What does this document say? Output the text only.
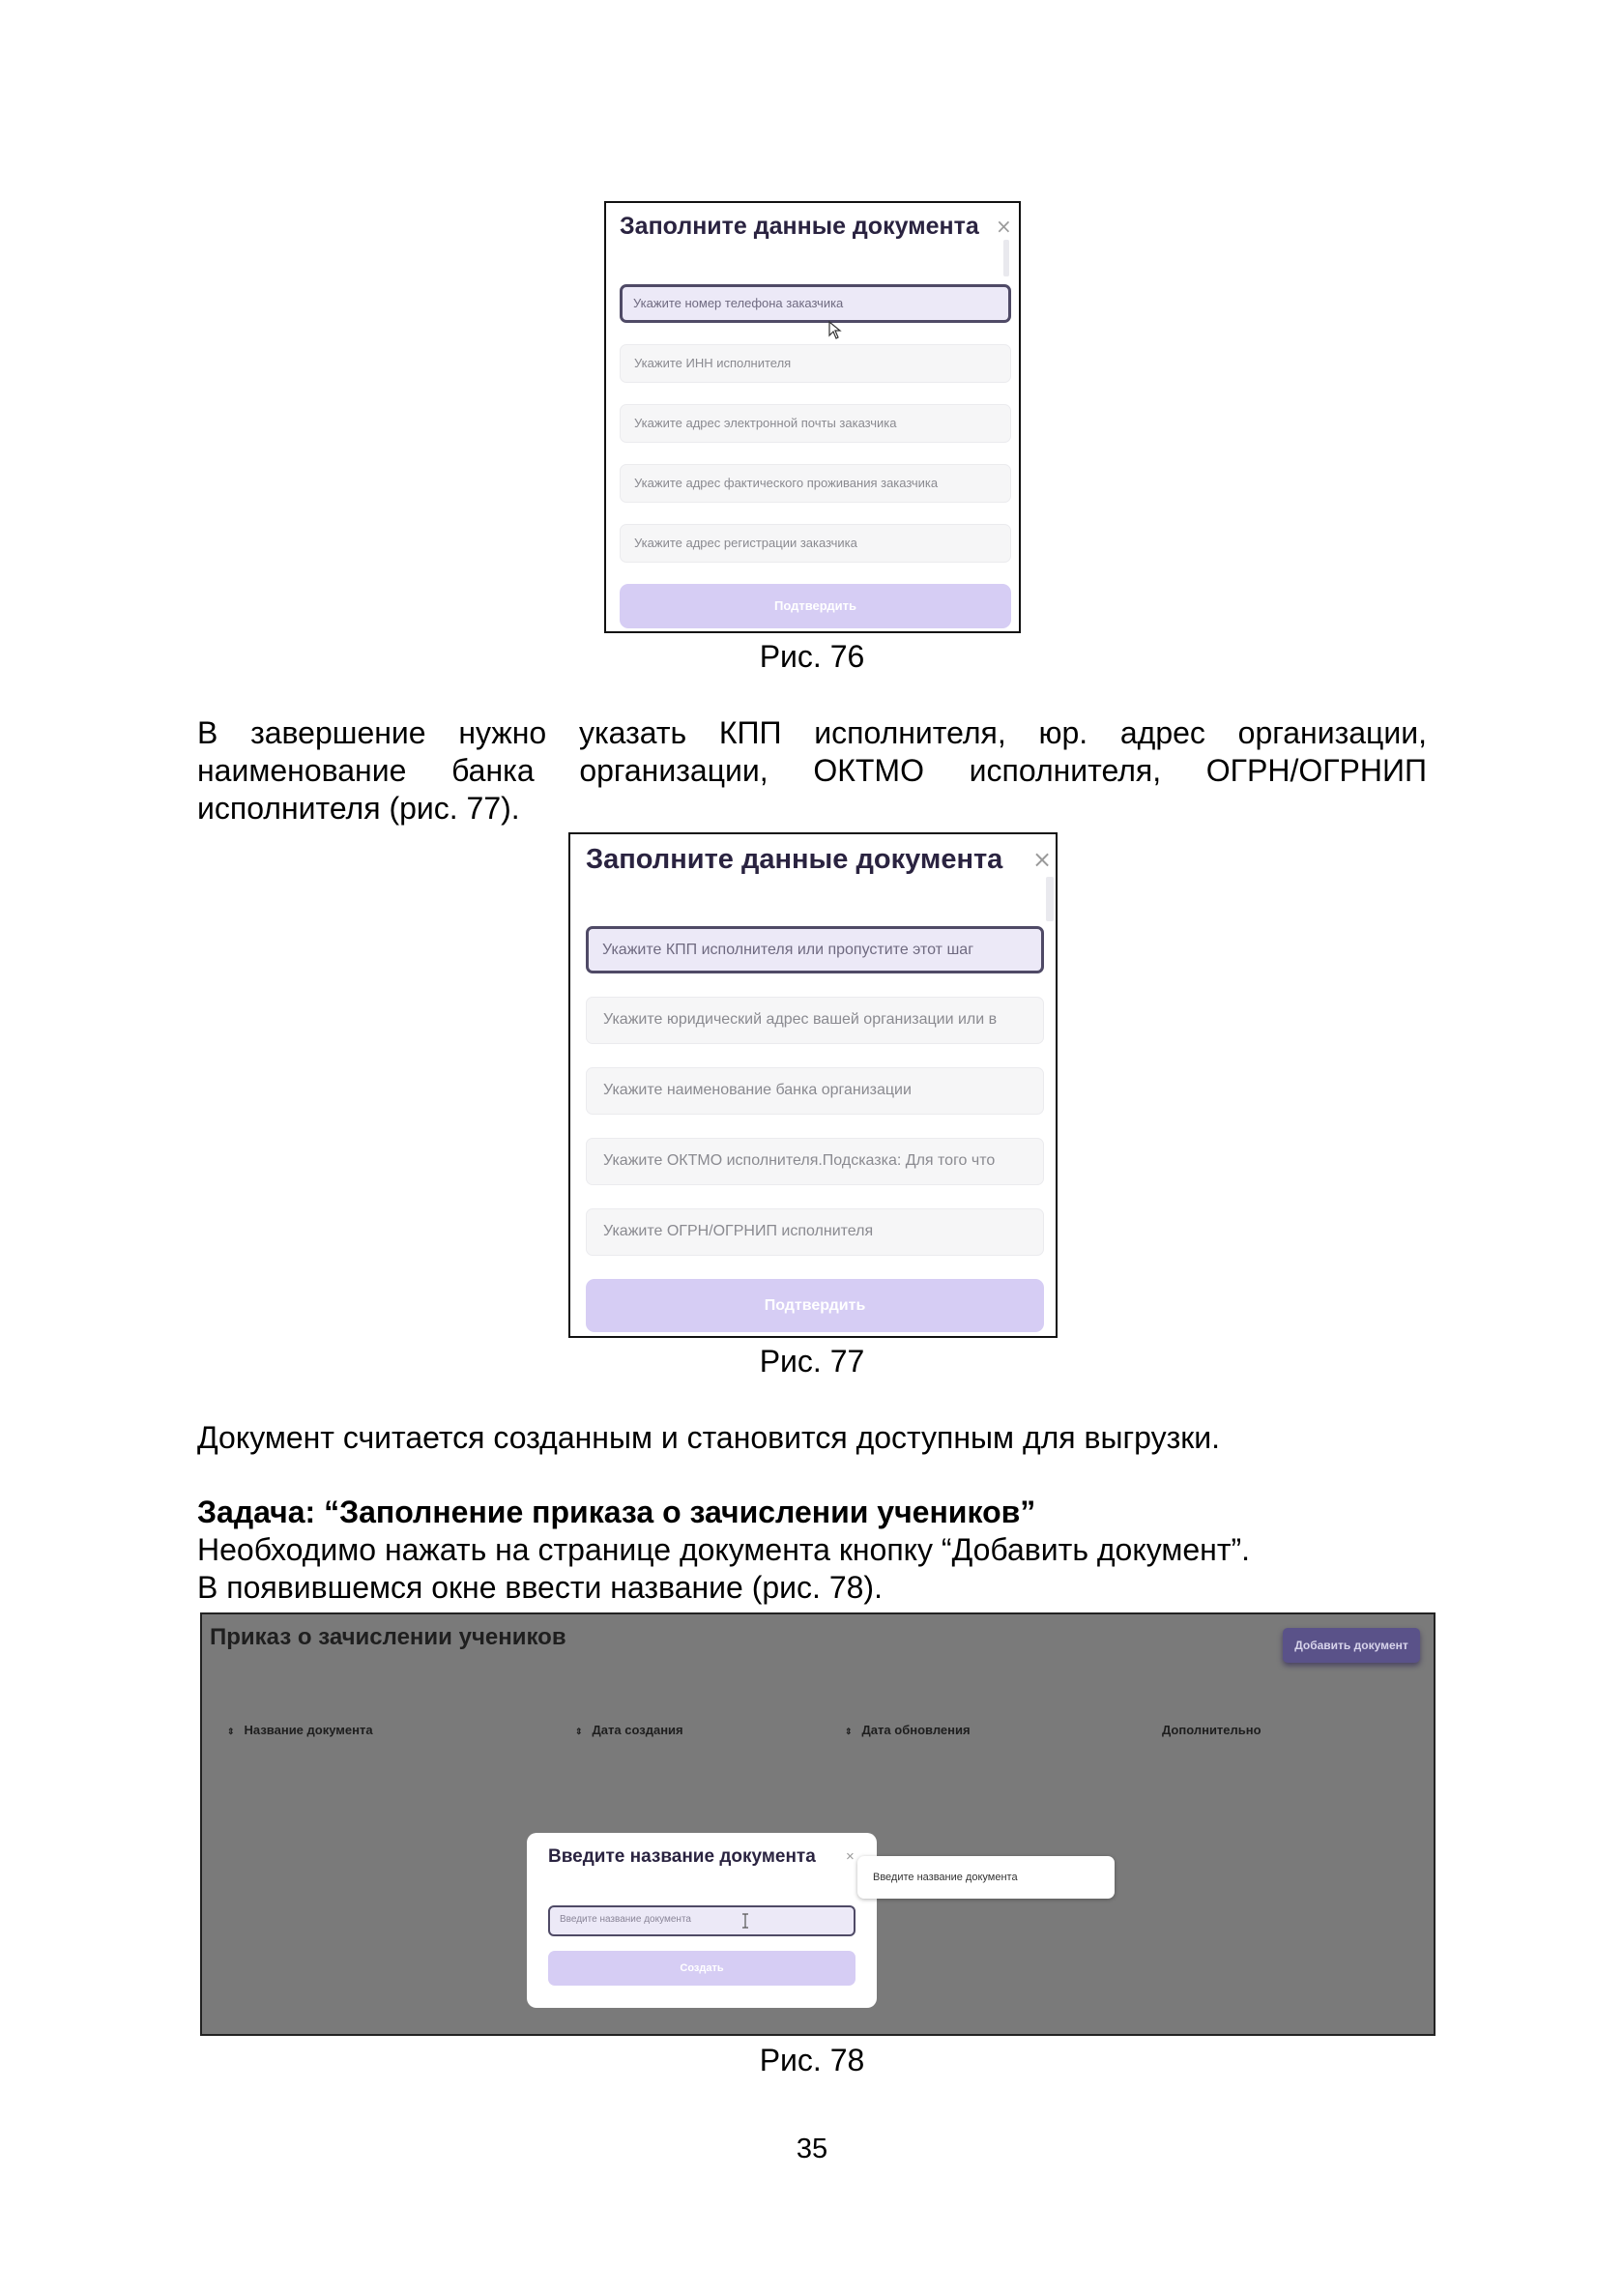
Заполните данные документа ×
Укажите номер телефона заказчика
Укажите ИНН исполнителя
Укажите адрес электронной почты заказчика
Укажите адрес фактического проживания заказчика
Укажите адрес регистрации заказчика
Подтвердить
Рис. 76
В завершение нужно указать КПП исполнителя, юр. адрес организации,
наименование банка организации, ОКТМО исполнителя, ОГРН/ОГРНИП
исполнителя (рис. 77).
Заполните данные документа ×
Укажите КПП исполнителя или пропустите этот шаг
Укажите юридический адрес вашей организации или в
Укажите наименование банка организации
Укажите ОКТМО исполнителя.Подсказка: Для того что
Укажите ОГРН/ОГРНИП исполнителя
Подтвердить
Рис. 77
Документ считается созданным и становится доступным для выгрузки.
Задача: “Заполнение приказа о зачислении учеников”
Необходимо нажать на странице документа кнопку “Добавить документ”.
В появившемся окне ввести название (рис. 78).
Приказ о зачислении учеников	Добавить документ
⇕ Название документа	⇕ Дата создания	⇕ Дата обновления	Дополнительно
Введите название документа ×
Введите название документа
Создать
Введите название документа
Рис. 78
35
